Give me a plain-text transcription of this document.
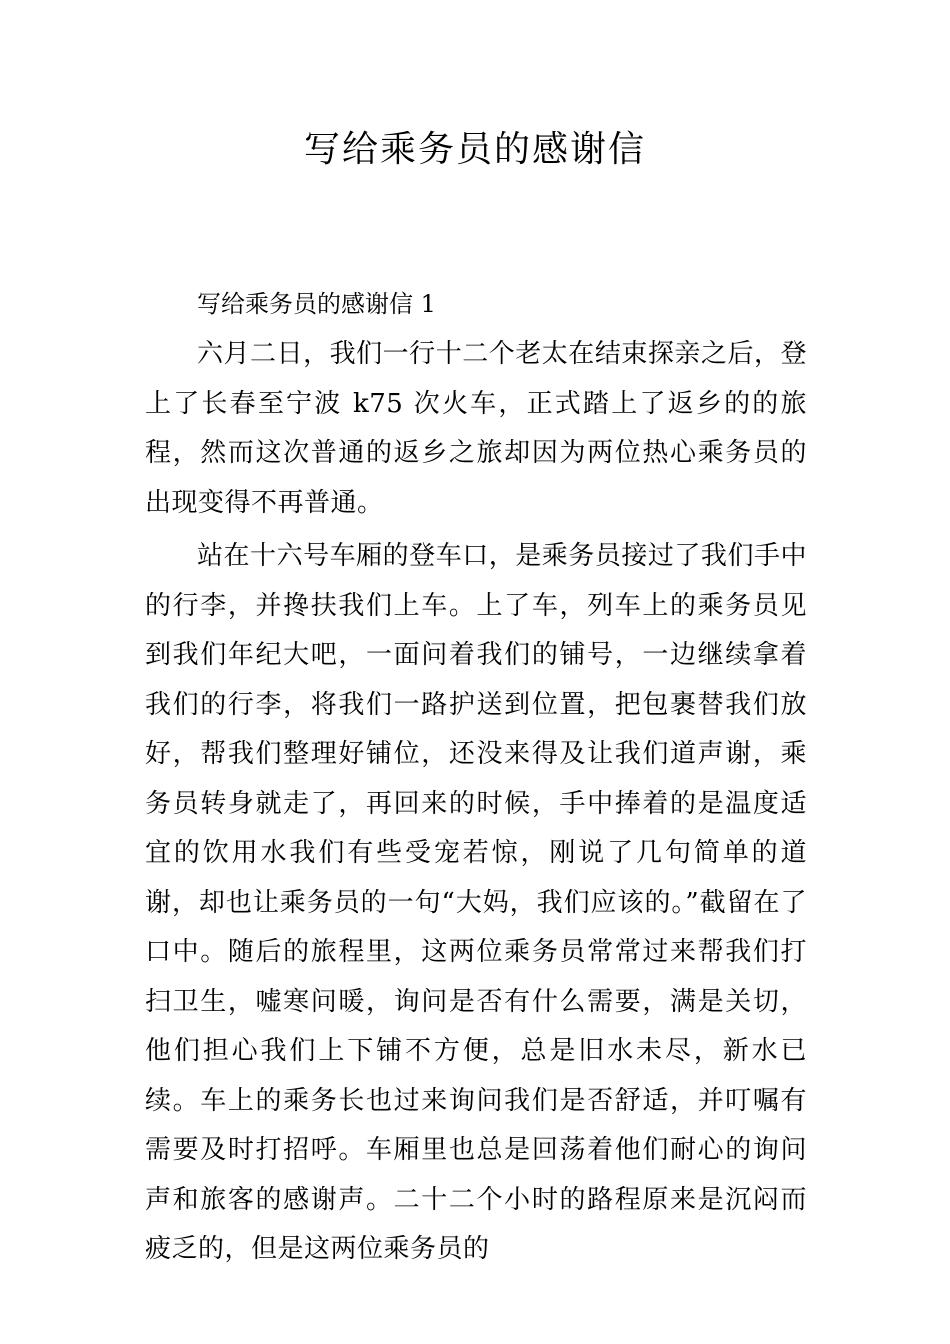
写给乘务员的感谢信

写给乘务员的感谢信 1

六月二日，我们一行十二个老太在结束探亲之后，登上了长春至宁波 k75 次火车，正式踏上了返乡的的旅程，然而这次普通的返乡之旅却因为两位热心乘务员的出现变得不再普通。

站在十六号车厢的登车口，是乘务员接过了我们手中的行李，并搀扶我们上车。上了车，列车上的乘务员见到我们年纪大吧，一面问着我们的铺号，一边继续拿着我们的行李，将我们一路护送到位置，把包裹替我们放好，帮我们整理好铺位，还没来得及让我们道声谢，乘务员转身就走了，再回来的时候，手中捧着的是温度适宜的饮用水我们有些受宠若惊，刚说了几句简单的道谢，却也让乘务员的一句“大妈，我们应该的。”截留在了口中。随后的旅程里，这两位乘务员常常过来帮我们打扫卫生，嘘寒问暖，询问是否有什么需要，满是关切，他们担心我们上下铺不方便，总是旧水未尽，新水已续。车上的乘务长也过来询问我们是否舒适，并叮嘱有需要及时打招呼。车厢里也总是回荡着他们耐心的询问声和旅客的感谢声。二十二个小时的路程原来是沉闷而疲乏的，但是这两位乘务员的
